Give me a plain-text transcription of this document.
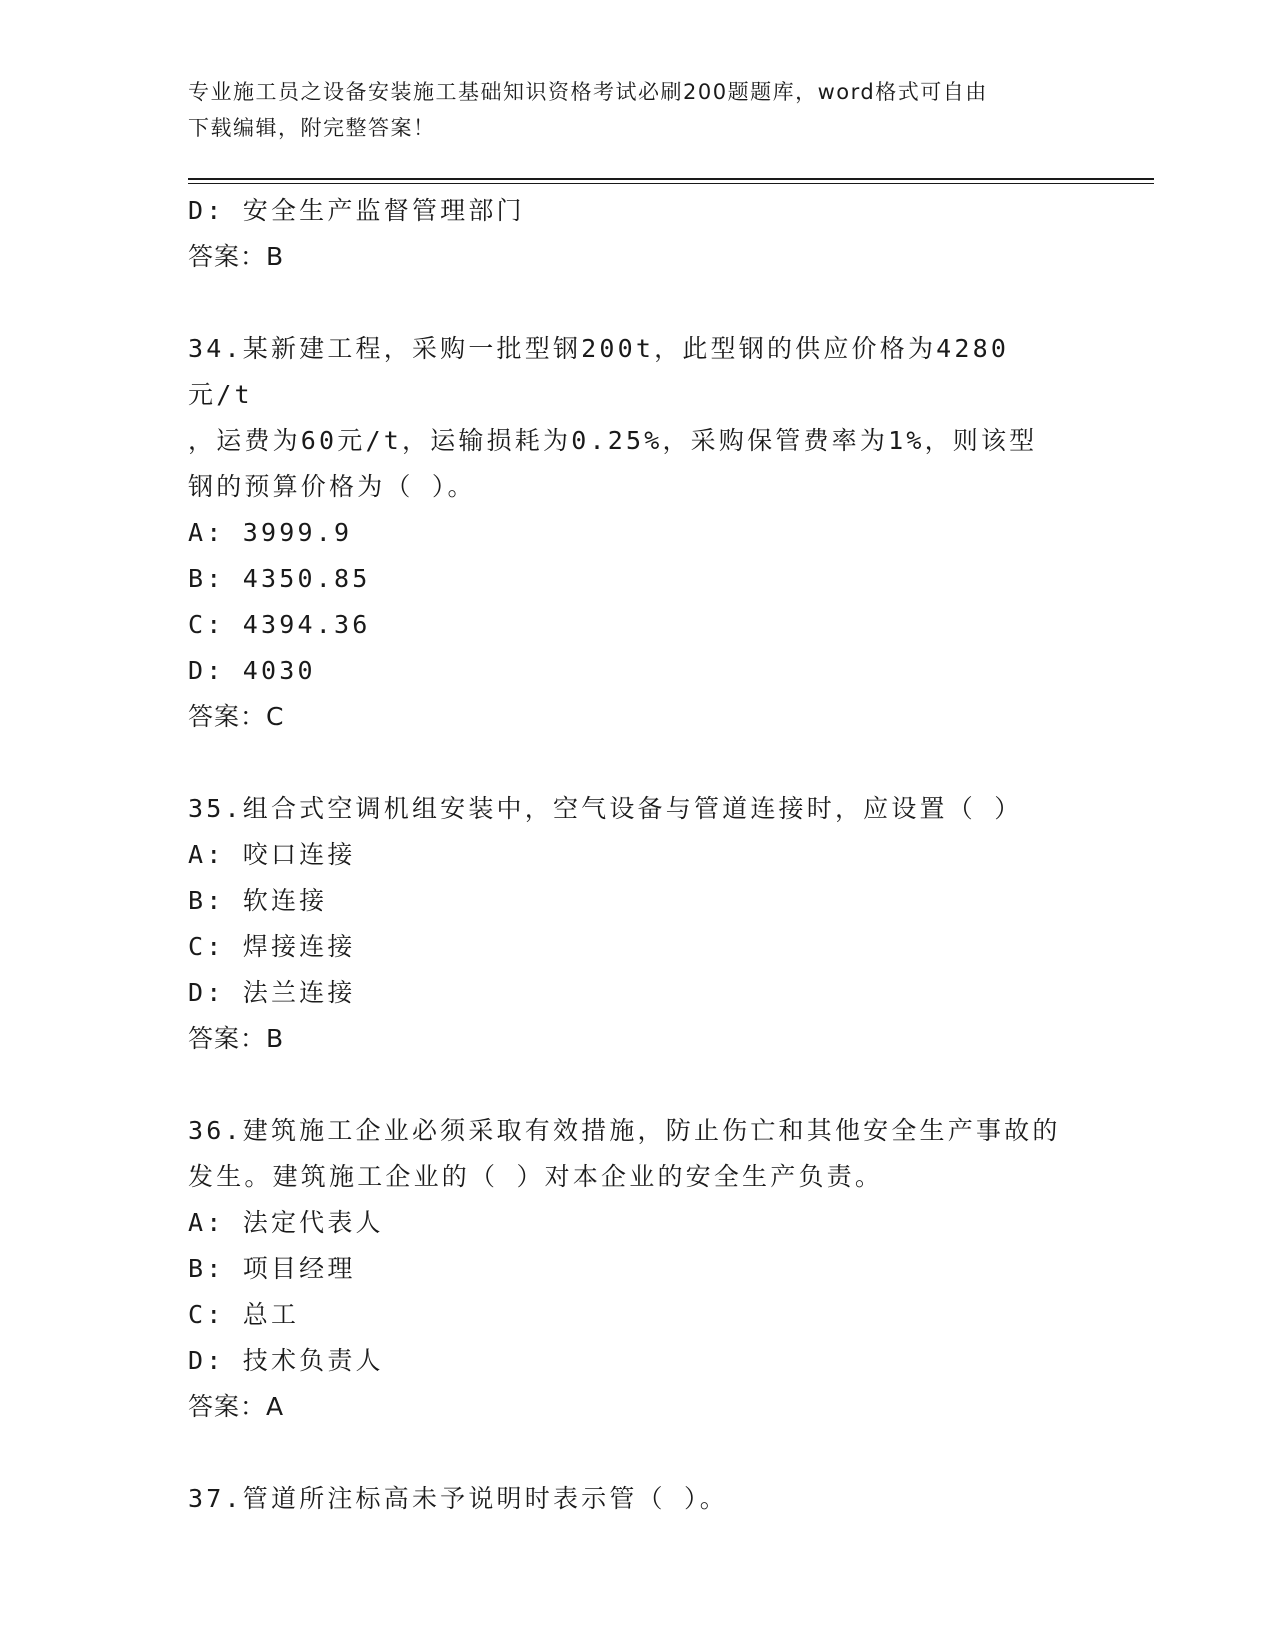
专业施工员之设备安装施工基础知识资格考试必刷200题题库，word格式可自由
下载编辑，附完整答案！
D: 安全生产监督管理部门
答案：B
34.某新建工程，采购一批型钢200t，此型钢的供应价格为4280元/t
，运费为60元/t，运输损耗为0.25%，采购保管费率为1%，则该型
钢的预算价格为（ ）。
A: 3999.9
B: 4350.85
C: 4394.36
D: 4030
答案：C
35.组合式空调机组安装中，空气设备与管道连接时，应设置（ ）
A: 咬口连接
B: 软连接
C: 焊接连接
D: 法兰连接
答案：B
36.建筑施工企业必须采取有效措施，防止伤亡和其他安全生产事故的
发生。建筑施工企业的（ ）对本企业的安全生产负责。
A: 法定代表人
B: 项目经理
C: 总工
D: 技术负责人
答案：A
37.管道所注标高未予说明时表示管（ ）。
